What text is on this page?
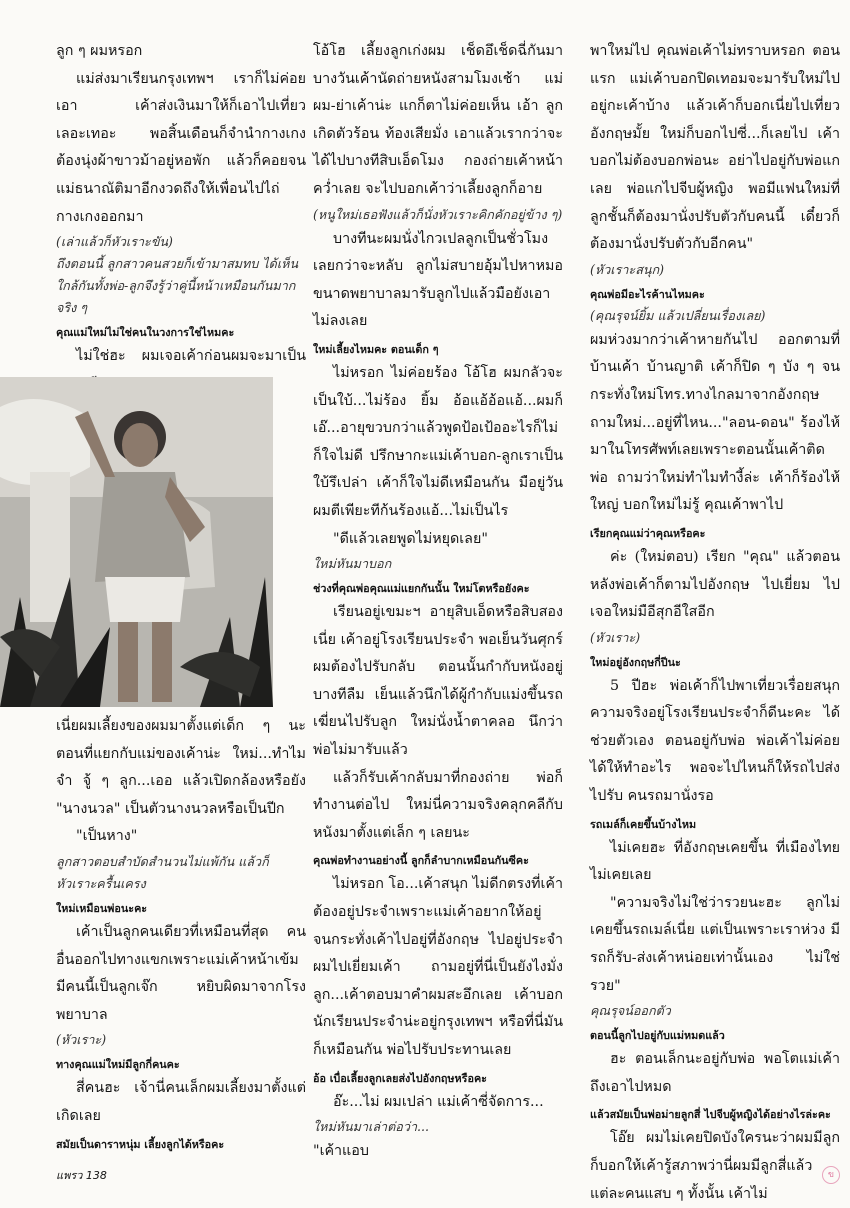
ลูก ๆ ผมหรอก

แม่ส่งมาเรียนกรุงเทพฯ เราก็ไม่ค่อยเอา เค้าส่งเงินมาให้ก็เอาไปเที่ยวเลอะเทอะ พอสิ้นเดือนก็จำนำกางเกง ต้องนุ่งผ้าขาวม้าอยู่หอพัก แล้วก็คอยจนแม่ธนาณัติมาอีกงวดถึงให้เพื่อนไปไถ่กางเกงออกมา

(เล่าแล้วก็หัวเราะขัน)

ถึงตอนนี้ ลูกสาวคนสวยก็เข้ามาสมทบ ได้เห็นใกล้กันทั้งพ่อ-ลูกจึงรู้ว่าคู่นี้หน้าเหมือนกันมากจริง ๆ

คุณแม่ใหม่ไม่ใช่คนในวงการใช่ไหมคะ

ไม่ใช่ฮะ ผมเจอเค้าก่อนผมจะมาเป็น

เนี่ยผมเลี้ยงของผมมาตั้งแต่เด็ก ๆ นะ ตอนที่แยกกับแม่ของเค้าน่ะ ใหม่...ทำไม จำ จู้ ๆ ลูก...เออ แล้วเปิดกล้องหรือยัง "นางนวล" เป็นตัวนางนวลหรือเป็นปีก

"เป็นหาง"

ลูกสาวตอบสำบัดสำนวนไม่แพ้กัน แล้วก็หัวเราะครื้นเครง

ใหม่เหมือนพ่อนะคะ

เค้าเป็นลูกคนเดียวที่เหมือนที่สุด คนอื่นออกไปทางแขกเพราะแม่เค้าหน้าเข้ม มีคนนี้เป็นลูกเจ๊ก หยิบผิดมาจากโรงพยาบาล

(หัวเราะ)

ทางคุณแม่ใหม่มีลูกกี่คนคะ

สี่คนฮะ เจ้านี่คนเล็กผมเลี้ยงมาตั้งแต่เกิดเลย

สมัยเป็นดาราหนุ่ม เลี้ยงลูกได้หรือคะ

โอ้โฮ เลี้ยงลูกเก่งผม เช็ดอึเช็ดฉี่กันมา บางวันเค้านัดถ่ายหนังสามโมงเช้า แม่ผม-ย่าเค้าน่ะ แกก็ตาไม่ค่อยเห็น เอ้า ลูกเกิดตัวร้อน ท้องเสียมั่ง เอาแล้วเรากว่าจะได้ไปบางทีสิบเอ็ดโมง กองถ่ายเค้าหน้าคว่ำเลย จะไปบอกเค้าว่าเลี้ยงลูกก็อาย

(หนูใหม่เธอฟังแล้วก็นั่งหัวเราะคิกคักอยู่ข้าง ๆ)

บางทีนะผมนั่งไกวเปลลูกเป็นชั่วโมง เลยกว่าจะหลับ ลูกไม่สบายอุ้มไปหาหมอ ขนาดพยาบาลมารับลูกไปแล้วมือยังเอาไม่ลงเลย

ใหม่เลี้ยงไหมคะ ตอนเด็ก ๆ

ไม่หรอก ไม่ค่อยร้อง โอ้โฮ ผมกลัวจะเป็นใบ้...ไม่ร้อง ยิ้ม อ้อแอ้อ้อแอ้...ผมก็เอ๊...อายุขวบกว่าแล้วพูดป้อเป้ออะไรก็ไม่ ก็ใจไม่ดี ปรึกษากะแม่เค้าบอก-ลูกเราเป็นใบ้รึเปล่า เค้าก็ใจไม่ดีเหมือนกัน มือยู่วันผมตีเพียะทีก้นร้องแอ้...ไม่เป็นไร

"ดีแล้วเลยพูดไม่หยุดเลย"

ใหม่หันมาบอก

ช่วงที่คุณพ่อคุณแม่แยกกันนั้น ใหม่โตหรือยังคะ

เรียนอยู่เขมะฯ อายุสิบเอ็ดหรือสิบสองเนี่ย เค้าอยู่โรงเรียนประจำ พอเย็นวันศุกร์ผมต้องไปรับกลับ ตอนนั้นกำกับหนังอยู่ บางทีลืม เย็นแล้วนึกได้ผู้กำกับแม่งขึ้นรถ เฆี่ยนไปรับลูก ใหม่นั่งน้ำตาคลอ นึกว่าพ่อไม่มารับแล้ว

แล้วก็รับเค้ากลับมาที่กองถ่าย พ่อก็ทำงานต่อไป ใหม่นี่ความจริงคลุกคลีกับหนังมาตั้งแต่เล็ก ๆ เลยนะ

คุณพ่อทำงานอย่างนี้ ลูกก็ลำบากเหมือนกันซีคะ

ไม่หรอก โอ...เค้าสนุก ไม่ดีกตรงที่เค้าต้องอยู่ประจำเพราะแม่เค้าอยากให้อยู่ จนกระทั่งเค้าไปอยู่ที่อังกฤษ ไปอยู่ประจำ ผมไปเยี่ยมเค้า ถามอยู่ที่นี่เป็นยังไงมั่งลูก...เค้าตอบมาคำผมสะอึกเลย เค้าบอก นักเรียนประจำน่ะอยู่กรุงเทพฯ หรือที่นี่มันก็เหมือนกัน พ่อไปรับประทานเลย

อ้อ เบื่อเลี้ยงลูกเลยส่งไปอังกฤษหรือคะ

อ๊ะ...ไม่ ผมเปล่า แม่เค้าซี่จัดการ...

ใหม่หันมาเล่าต่อว่า...

"เค้าแอบ

พาใหม่ไป คุณพ่อเค้าไม่ทราบหรอก ตอนแรก แม่เค้าบอกปิดเทอมจะมารับใหม่ไปอยู่กะเค้าบ้าง แล้วเค้าก็บอกเนี่ยไปเที่ยวอังกฤษมั้ย ใหม่ก็บอกไปซี่...ก็เลยไป เค้าบอกไม่ต้องบอกพ่อนะ อย่าไปอยู่กับพ่อแกเลย พ่อแกไปจีบผู้หญิง พอมีแฟนใหม่ที่ ลูกชั้นก็ต้องมานั่งปรับตัวกับคนนี้ เดี๋ยวก็ต้องมานั่งปรับตัวกับอีกคน"

(หัวเราะสนุก)

คุณพ่อมีอะไรค้านไหมคะ

(คุณรุจน์ยิ้ม แล้วเปลี่ยนเรื่องเลย)

ผมห่วงมากว่าเค้าหายกันไป ออกตามที่บ้านเค้า บ้านญาติ เค้าก็ปิด ๆ บัง ๆ จนกระทั่งใหม่โทร.ทางไกลมาจากอังกฤษ ถามใหม่...อยู่ที่ไหน..."ลอน-ดอน" ร้องไห้มาในโทรศัพท์เลยเพราะตอนนั้นเค้าติดพ่อ ถามว่าใหม่ทำไมทำงี้ล่ะ เค้าก็ร้องไห้ใหญ่ บอกใหม่ไม่รู้ คุณเค้าพาไป

เรียกคุณแม่ว่าคุณหรือคะ

ค่ะ (ใหม่ตอบ) เรียก "คุณ" แล้วตอนหลังพ่อเค้าก็ตามไปอังกฤษ ไปเยี่ยม ไปเจอใหม่มือีสุกอีใสอีก

(หัวเราะ)

ใหม่อยู่อังกฤษกี่ปีนะ

5 ปีฮะ พ่อเค้าก็ไปพาเที่ยวเรื่อยสนุก ความจริงอยู่โรงเรียนประจำก็ดีนะคะ ได้ช่วยตัวเอง ตอนอยู่กับพ่อ พ่อเค้าไม่ค่อยได้ให้ทำอะไร พอจะไปไหนก็ให้รถไปส่ง ไปรับ คนรถมานั่งรอ

รถเมล์ก็เคยขึ้นบ้างไหม

ไม่เคยฮะ ที่อังกฤษเคยขึ้น ที่เมืองไทยไม่เคยเลย

"ความจริงไม่ใช่ว่ารวยนะฮะ ลูกไม่เคยขึ้นรถเมล์เนี่ย แต่เป็นเพราะเราห่วง มีรถก็รับ-ส่งเค้าหน่อยเท่านั้นเอง ไม่ใช่รวย"

คุณรุจน์ออกตัว

ตอนนี้ลูกไปอยู่กับแม่หมดแล้ว

ฮะ ตอนเล็กนะอยู่กับพ่อ พอโตแม่เค้าถึงเอาไปหมด

แล้วสมัยเป็นพ่อม่ายลูกสี่ ไปจีบผู้หญิงได้อย่างไรล่ะคะ

โอ๊ย ผมไม่เคยปิดบังใครนะว่าผมมีลูก ก็บอกให้เค้ารู้สภาพว่านี่ผมมีลูกสี่แล้วแต่ละคนแสบ ๆ ทั้งนั้น เค้าไม่

แพรว 138	ข
